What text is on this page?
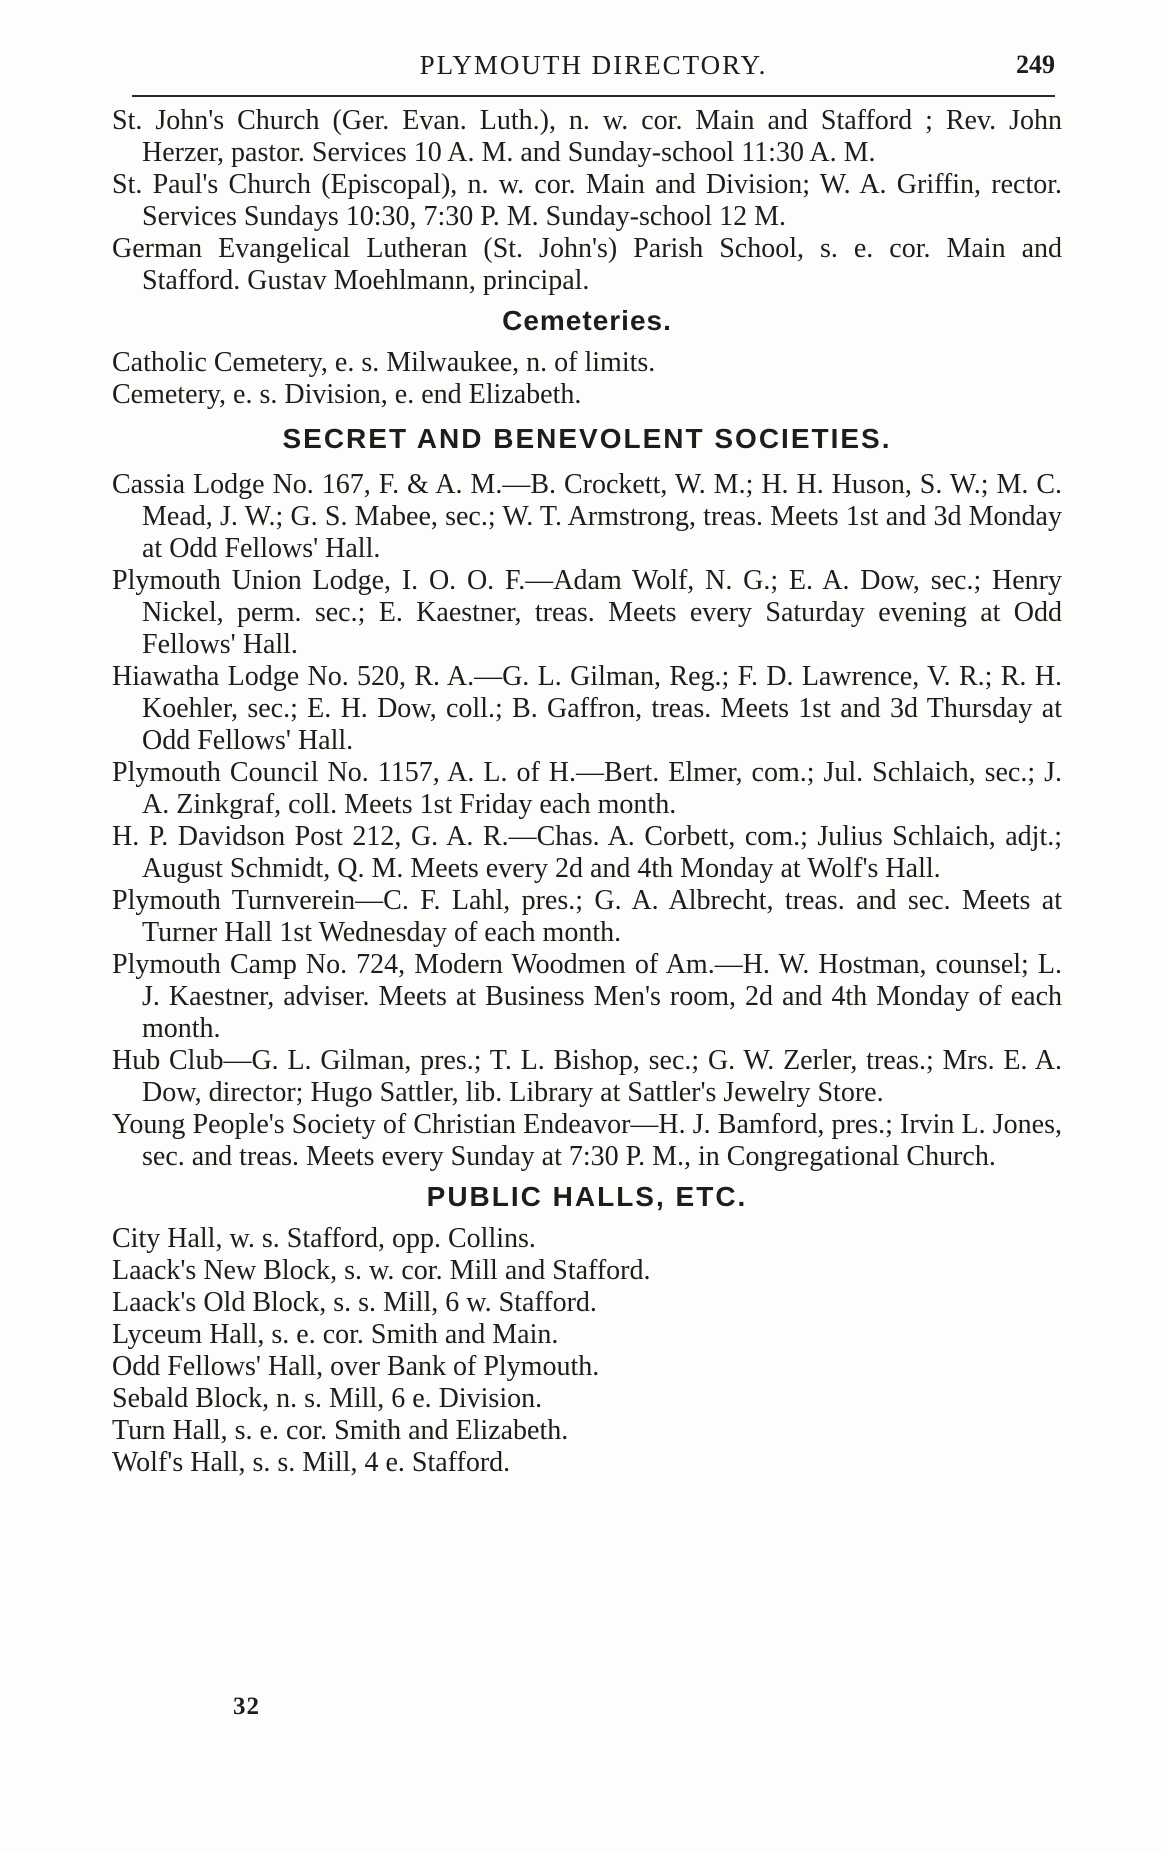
PLYMOUTH DIRECTORY.	249

St. John's Church (Ger. Evan. Luth.), n. w. cor. Main and Stafford ; Rev. John Herzer, pastor. Services 10 A. M. and Sunday-school 11:30 A. M.

St. Paul's Church (Episcopal), n. w. cor. Main and Division; W. A. Griffin, rector. Services Sundays 10:30, 7:30 P. M. Sunday-school 12 M.

German Evangelical Lutheran (St. John's) Parish School, s. e. cor. Main and Stafford. Gustav Moehlmann, principal.

Cemeteries.

Catholic Cemetery, e. s. Milwaukee, n. of limits.

Cemetery, e. s. Division, e. end Elizabeth.

SECRET AND BENEVOLENT SOCIETIES.

Cassia Lodge No. 167, F. & A. M.—B. Crockett, W. M.; H. H. Huson, S. W.; M. C. Mead, J. W.; G. S. Mabee, sec.; W. T. Armstrong, treas. Meets 1st and 3d Monday at Odd Fellows' Hall.

Plymouth Union Lodge, I. O. O. F.—Adam Wolf, N. G.; E. A. Dow, sec.; Henry Nickel, perm. sec.; E. Kaestner, treas. Meets every Saturday evening at Odd Fellows' Hall.

Hiawatha Lodge No. 520, R. A.—G. L. Gilman, Reg.; F. D. Lawrence, V. R.; R. H. Koehler, sec.; E. H. Dow, coll.; B. Gaffron, treas. Meets 1st and 3d Thursday at Odd Fellows' Hall.

Plymouth Council No. 1157, A. L. of H.—Bert. Elmer, com.; Jul. Schlaich, sec.; J. A. Zinkgraf, coll. Meets 1st Friday each month.

H. P. Davidson Post 212, G. A. R.—Chas. A. Corbett, com.; Julius Schlaich, adjt.; August Schmidt, Q. M. Meets every 2d and 4th Monday at Wolf's Hall.

Plymouth Turnverein—C. F. Lahl, pres.; G. A. Albrecht, treas. and sec. Meets at Turner Hall 1st Wednesday of each month.

Plymouth Camp No. 724, Modern Woodmen of Am.—H. W. Hostman, counsel; L. J. Kaestner, adviser. Meets at Business Men's room, 2d and 4th Monday of each month.

Hub Club—G. L. Gilman, pres.; T. L. Bishop, sec.; G. W. Zerler, treas.; Mrs. E. A. Dow, director; Hugo Sattler, lib. Library at Sattler's Jewelry Store.

Young People's Society of Christian Endeavor—H. J. Bamford, pres.; Irvin L. Jones, sec. and treas. Meets every Sunday at 7:30 P. M., in Congregational Church.

PUBLIC HALLS, ETC.

City Hall, w. s. Stafford, opp. Collins.

Laack's New Block, s. w. cor. Mill and Stafford.

Laack's Old Block, s. s. Mill, 6 w. Stafford.

Lyceum Hall, s. e. cor. Smith and Main.

Odd Fellows' Hall, over Bank of Plymouth.

Sebald Block, n. s. Mill, 6 e. Division.

Turn Hall, s. e. cor. Smith and Elizabeth.

Wolf's Hall, s. s. Mill, 4 e. Stafford.

32
